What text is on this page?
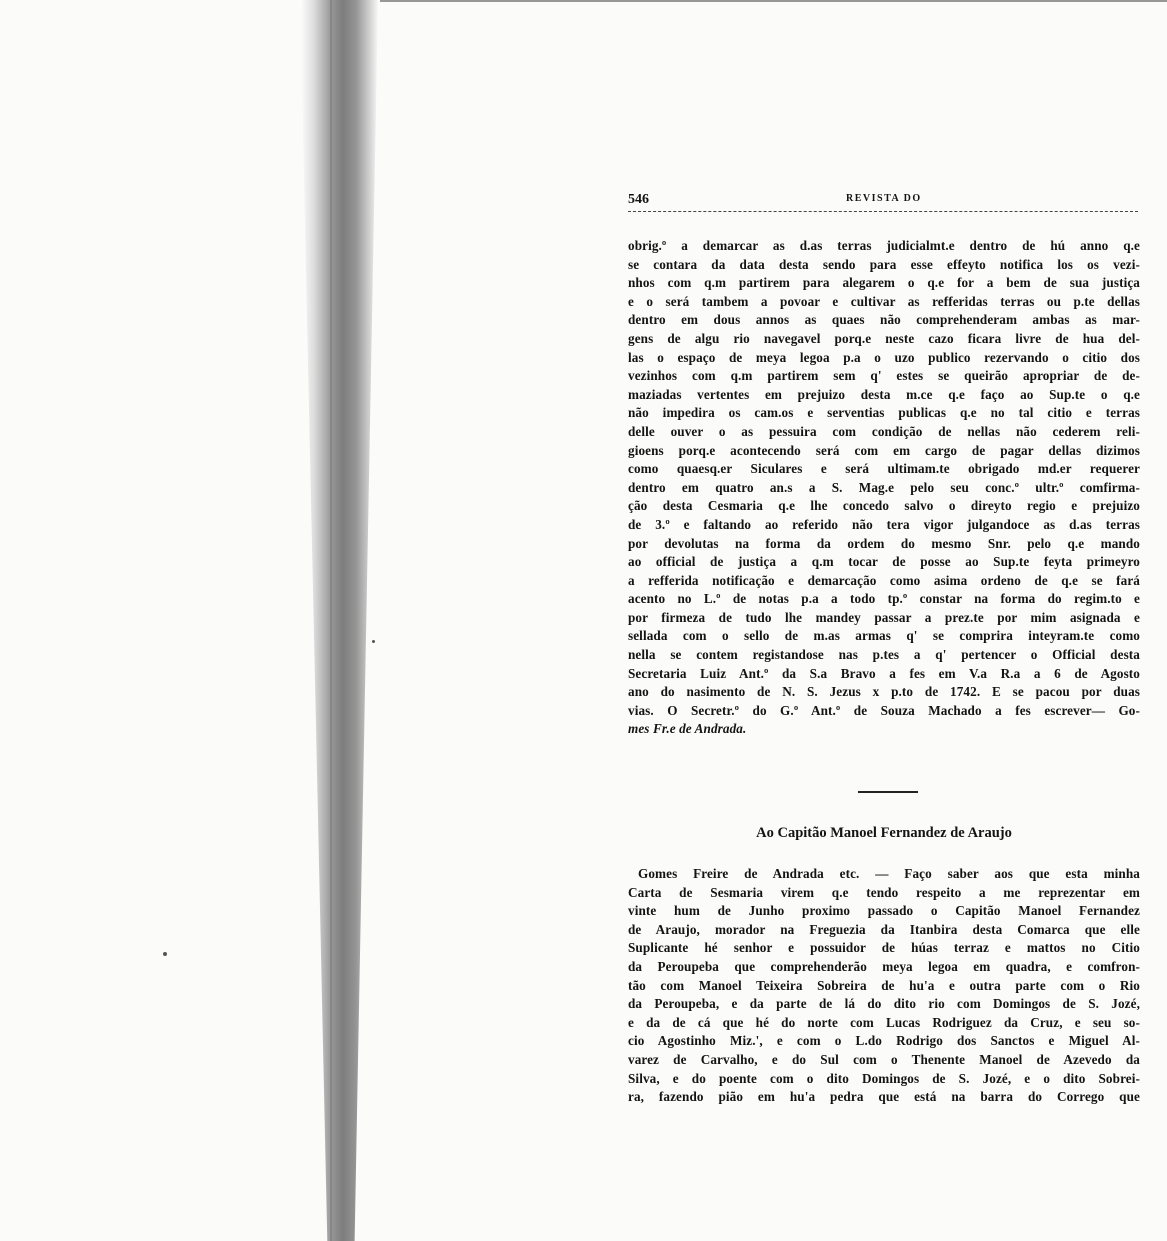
546	REVISTA DO
obrig.º a demarcar as d.as terras judicialmt.e dentro de hú anno q.e
se contara da data desta sendo para esse effeyto notifica los os vezi-
nhos com q.m partirem para alegarem o q.e for a bem de sua justiça
e o será tambem a povoar e cultivar as refferidas terras ou p.te dellas
dentro em dous annos as quaes não comprehenderam ambas as mar-
gens de algu rio navegavel porq.e neste cazo ficara livre de hua del-
las o espaço de meya legoa p.a o uzo publico rezervando o citio dos
vezinhos com q.m partirem sem q' estes se queirão apropriar de de-
maziadas vertentes em prejuizo desta m.ce q.e faço ao Sup.te o q.e
não impedira os cam.os e serventias publicas q.e no tal citio e terras
delle ouver o as pessuira com condição de nellas não cederem reli-
gioens porq.e acontecendo será com em cargo de pagar dellas dizimos
como quaesq.er Siculares e será ultimam.te obrigado md.er requerer
dentro em quatro an.s a S. Mag.e pelo seu conc.º ultr.º comfirma-
ção desta Cesmaria q.e lhe concedo salvo o direyto regio e prejuizo
de 3.º e faltando ao referido não tera vigor julgandoce as d.as terras
por devolutas na forma da ordem do mesmo Snr. pelo q.e mando
ao official de justiça a q.m tocar de posse ao Sup.te feyta primeyro
a refferida notificação e demarcação como asima ordeno de q.e se fará
acento no L.º de notas p.a a todo tp.º constar na forma do regim.to e
por firmeza de tudo lhe mandey passar a prez.te por mim asignada e
sellada com o sello de m.as armas q' se comprira inteyram.te como
nella se contem registandose nas p.tes a q' pertencer o Official desta
Secretaria Luiz Ant.º da S.a Bravo a fes em V.a R.a a 6 de Agosto
ano do nasimento de N. S. Jezus x p.to de 1742. E se pacou por duas
vias. O Secretr.º do G.º Ant.º de Souza Machado a fes escrever— Go-
mes Fr.e de Andrada.
Ao Capitão Manoel Fernandez de Araujo
Gomes Freire de Andrada etc. — Faço saber aos que esta minha
Carta de Sesmaria virem q.e tendo respeito a me reprezentar em
vinte hum de Junho proximo passado o Capitão Manoel Fernandez
de Araujo, morador na Freguezia da Itanbira desta Comarca que elle
Suplicante hé senhor e possuidor de húas terraz e mattos no Citio
da Peroupeba que comprehenderão meya legoa em quadra, e comfron-
tão com Manoel Teixeira Sobreira de hu'a e outra parte com o Rio
da Peroupeba, e da parte de lá do dito rio com Domingos de S. Jozé,
e da de cá que hé do norte com Lucas Rodriguez da Cruz, e seu so-
cio Agostinho Miz.', e com o L.do Rodrigo dos Sanctos e Miguel Al-
varez de Carvalho, e do Sul com o Thenente Manoel de Azevedo da
Silva, e do poente com o dito Domingos de S. Jozé, e o dito Sobrei-
ra, fazendo pião em hu'a pedra que está na barra do Corrego que
